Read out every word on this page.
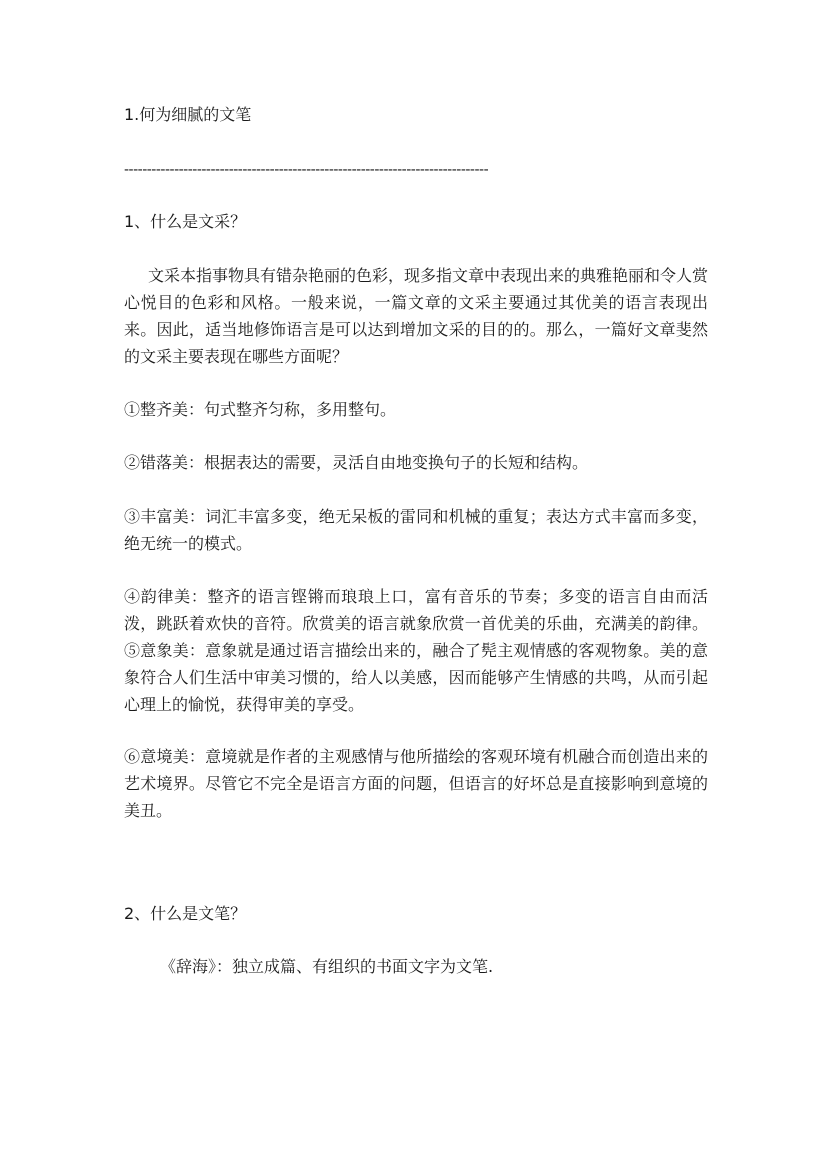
1.何为细腻的文笔
--------------------------------------------------------------------------------
1、什么是文采？
文采本指事物具有错杂艳丽的色彩，现多指文章中表现出来的典雅艳丽和令人赏心悦目的色彩和风格。一般来说，一篇文章的文采主要通过其优美的语言表现出来。因此，适当地修饰语言是可以达到增加文采的目的的。那么，一篇好文章斐然的文采主要表现在哪些方面呢？
①整齐美：句式整齐匀称，多用整句。
②错落美：根据表达的需要，灵活自由地变换句子的长短和结构。
③丰富美：词汇丰富多变，绝无呆板的雷同和机械的重复；表达方式丰富而多变，绝无统一的模式。
④韵律美：整齐的语言铿锵而琅琅上口，富有音乐的节奏；多变的语言自由而活泼，跳跃着欢快的音符。欣赏美的语言就象欣赏一首优美的乐曲，充满美的韵律。⑤意象美：意象就是通过语言描绘出来的，融合了髡主观情感的客观物象。美的意象符合人们生活中审美习惯的，给人以美感，因而能够产生情感的共鸣，从而引起心理上的愉悦，获得审美的享受。
⑥意境美：意境就是作者的主观感情与他所描绘的客观环境有机融合而创造出来的艺术境界。尽管它不完全是语言方面的问题，但语言的好坏总是直接影响到意境的美丑。
2、什么是文笔？
《辞海》：独立成篇、有组织的书面文字为文笔.
